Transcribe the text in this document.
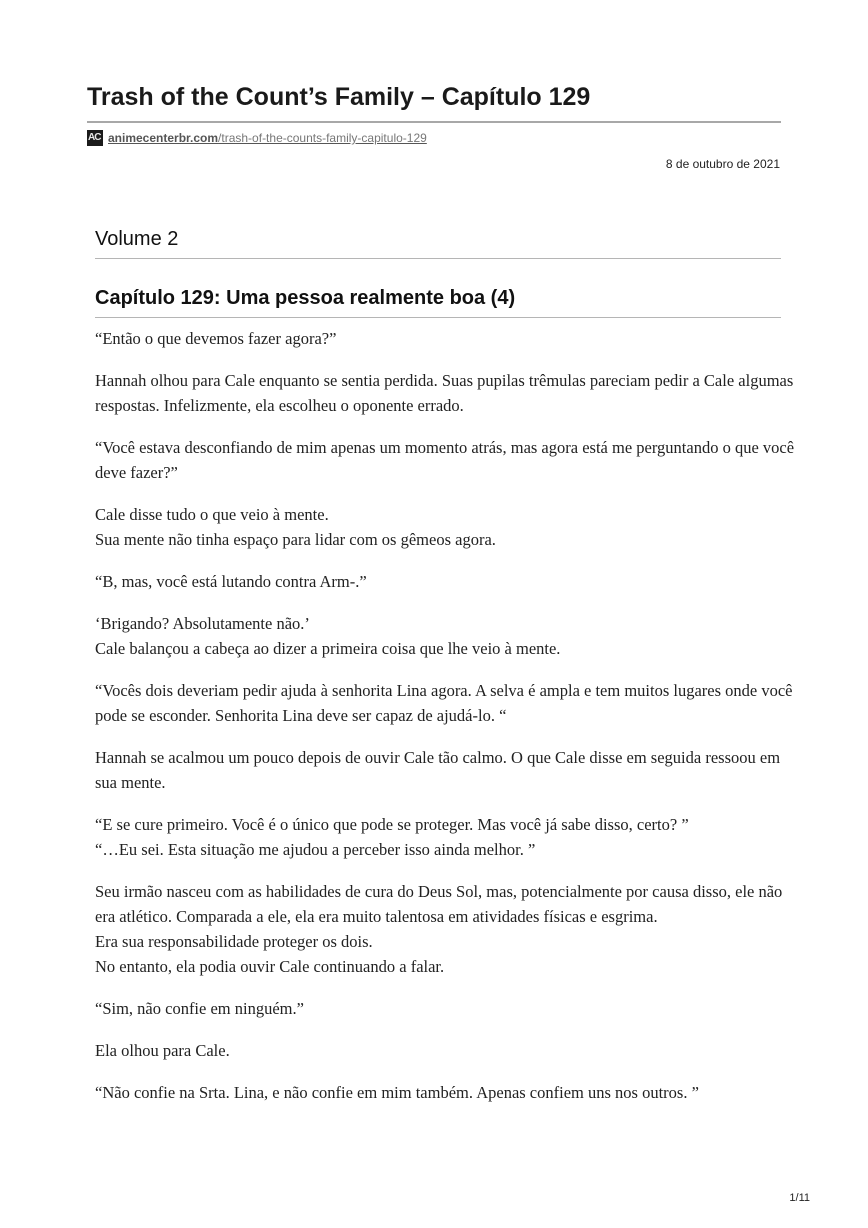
Trash of the Count’s Family – Capítulo 129
AC animecenterbr.com/trash-of-the-counts-family-capitulo-129
8 de outubro de 2021
Volume 2
Capítulo 129: Uma pessoa realmente boa (4)

“Então o que devemos fazer agora?”

Hannah olhou para Cale enquanto se sentia perdida. Suas pupilas trêmulas pareciam pedir a Cale algumas respostas. Infelizmente, ela escolheu o oponente errado.

“Você estava desconfiando de mim apenas um momento atrás, mas agora está me perguntando o que você deve fazer?”

Cale disse tudo o que veio à mente.
Sua mente não tinha espaço para lidar com os gêmeos agora.

“B, mas, você está lutando contra Arm-.”

‘Brigando? Absolutamente não.’
Cale balançou a cabeça ao dizer a primeira coisa que lhe veio à mente.

“Vocês dois deveriam pedir ajuda à senhorita Lina agora. A selva é ampla e tem muitos lugares onde você pode se esconder. Senhorita Lina deve ser capaz de ajudá-lo. “

Hannah se acalmou um pouco depois de ouvir Cale tão calmo. O que Cale disse em seguida ressoou em sua mente.

“E se cure primeiro. Você é o único que pode se proteger. Mas você já sabe disso, certo? ”
“…Eu sei. Esta situação me ajudou a perceber isso ainda melhor. ”

Seu irmão nasceu com as habilidades de cura do Deus Sol, mas, potencialmente por causa disso, ele não era atlético. Comparada a ele, ela era muito talentosa em atividades físicas e esgrima.
Era sua responsabilidade proteger os dois.
No entanto, ela podia ouvir Cale continuando a falar.

“Sim, não confie em ninguém.”

Ela olhou para Cale.

“Não confie na Srta. Lina, e não confie em mim também. Apenas confiem uns nos outros. ”

1/11
